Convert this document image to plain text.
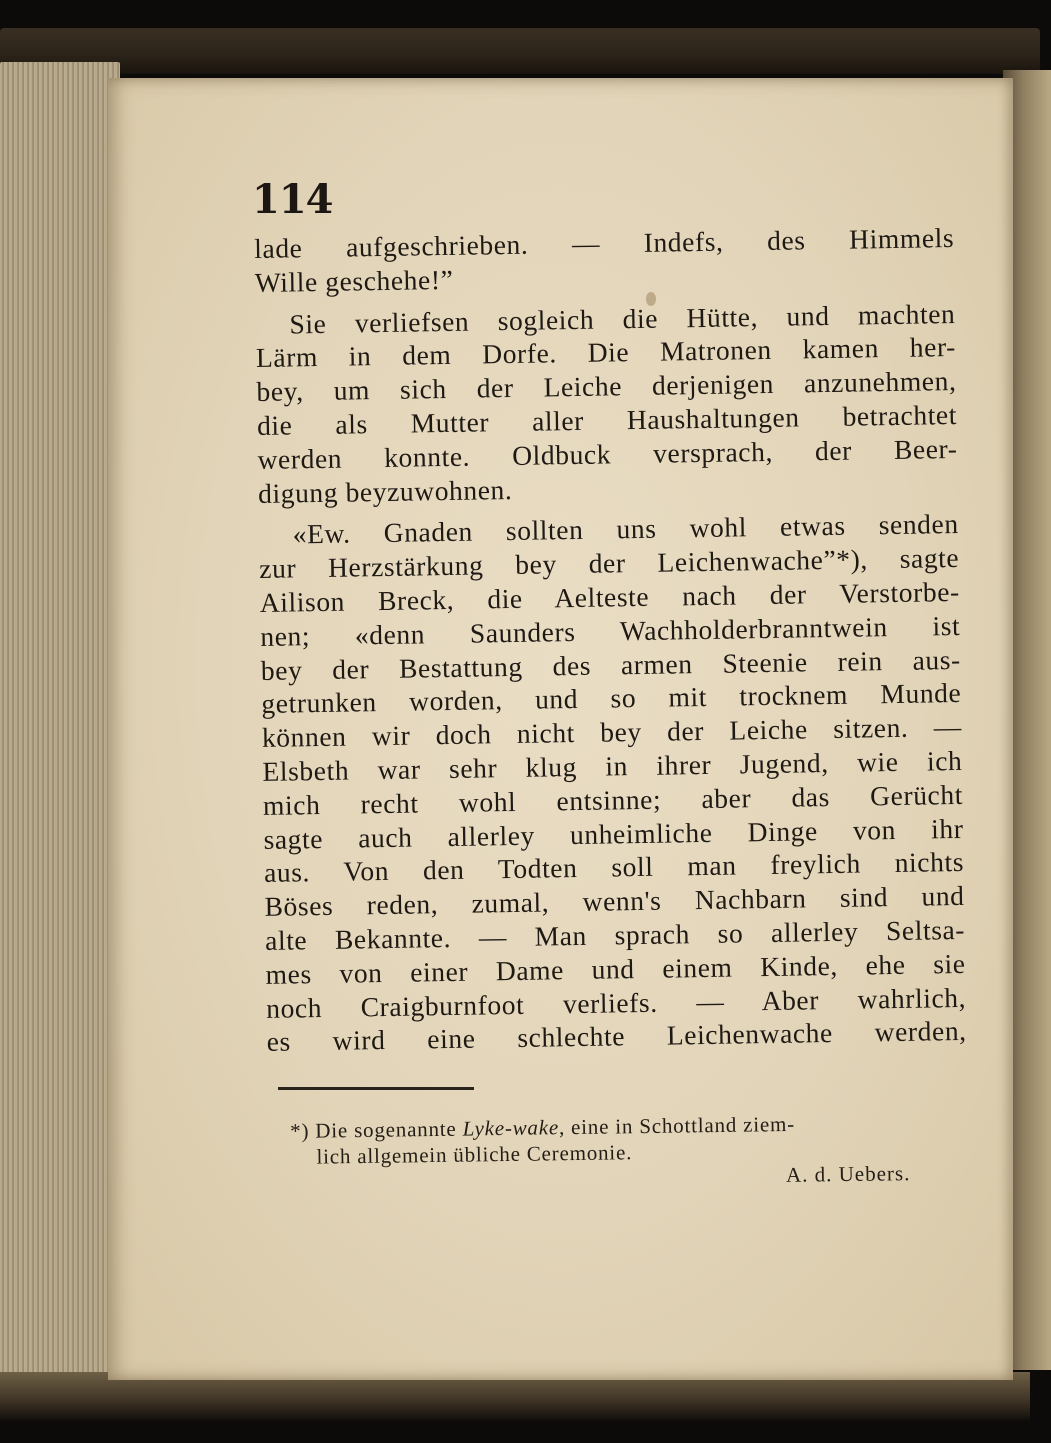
114

lade aufgeschrieben. — Indefs, des Himmels
Wille geschehe!”
Sie verliefsen sogleich die Hütte, und machten
Lärm in dem Dorfe. Die Matronen kamen her-
bey, um sich der Leiche derjenigen anzunehmen,
die als Mutter aller Haushaltungen betrachtet
werden konnte. Oldbuck versprach, der Beer-
digung beyzuwohnen.
«Ew. Gnaden sollten uns wohl etwas senden
zur Herzstärkung bey der Leichenwache”*), sagte
Ailison Breck, die Aelteste nach der Verstorbe-
nen; «denn Saunders Wachholderbranntwein ist
bey der Bestattung des armen Steenie rein aus-
getrunken worden, und so mit trocknem Munde
können wir doch nicht bey der Leiche sitzen. —
Elsbeth war sehr klug in ihrer Jugend, wie ich
mich recht wohl entsinne; aber das Gerücht
sagte auch allerley unheimliche Dinge von ihr
aus. Von den Todten soll man freylich nichts
Böses reden, zumal, wenn's Nachbarn sind und
alte Bekannte. — Man sprach so allerley Seltsa-
mes von einer Dame und einem Kinde, ehe sie
noch Craigburnfoot verliefs. — Aber wahrlich,
es wird eine schlechte Leichenwache werden,
*) Die sogenannte Lyke-wake, eine in Schottland ziem-
lich allgemein übliche Ceremonie.
A. d. Uebers.
